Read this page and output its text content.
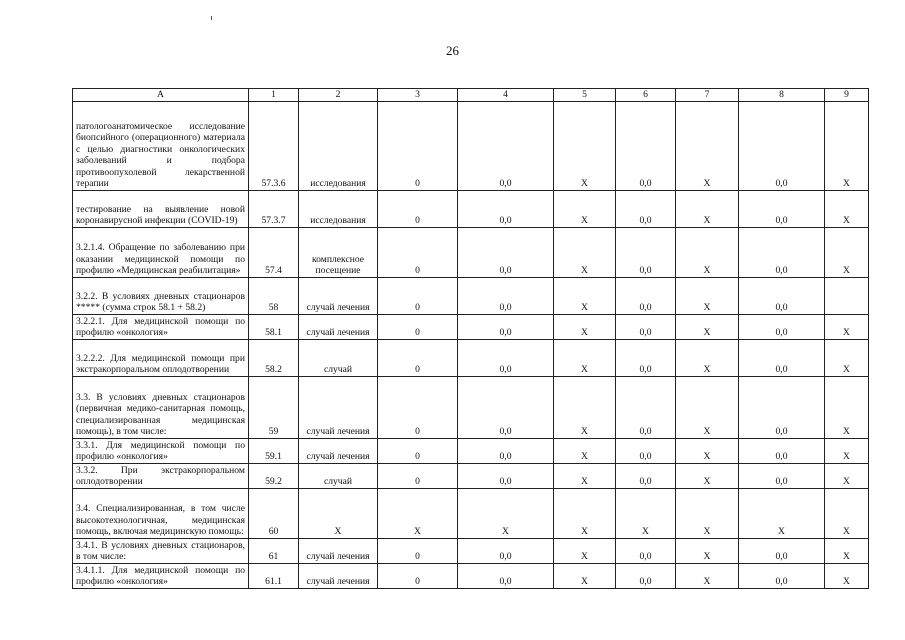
26
А	1	2	3	4	5	6	7	8	9
патологоанатомическое исследование биопсийного (операционного) материала с целью диагностики онкологических заболеваний и подбора противоопухолевой лекарственной терапии	57.3.6	исследования	0	0,0	X	0,0	X	0,0	X
тестирование на выявление новой коронавирусной инфекции (COVID-19)	57.3.7	исследования	0	0,0	X	0,0	X	0,0	X
3.2.1.4. Обращение по заболеванию при оказании медицинской помощи по профилю «Медицинская реабилитация»	57.4	комплексное посещение	0	0,0	X	0,0	X	0,0	X
3.2.2. В условиях дневных стационаров ***** (сумма строк 58.1 + 58.2)	58	случай лечения	0	0,0	X	0,0	X	0,0	
3.2.2.1. Для медицинской помощи по профилю «онкология»	58.1	случай лечения	0	0,0	X	0,0	X	0,0	X
3.2.2.2. Для медицинской помощи при экстракорпоральном оплодотворении	58.2	случай	0	0,0	X	0,0	X	0,0	X
3.3. В условиях дневных стационаров (первичная медико-санитарная помощь, специализированная медицинская помощь), в том числе:	59	случай лечения	0	0,0	X	0,0	X	0,0	X
3.3.1. Для медицинской помощи по профилю «онкология»	59.1	случай лечения	0	0,0	X	0,0	X	0,0	X
3.3.2. При экстракорпоральном оплодотворении	59.2	случай	0	0,0	X	0,0	X	0,0	X
3.4. Специализированная, в том числе высокотехнологичная, медицинская помощь, включая медицинскую помощь:	60	X	X	X	X	X	X	X	X
3.4.1. В условиях дневных стационаров, в том числе:	61	случай лечения	0	0,0	X	0,0	X	0,0	X
3.4.1.1. Для медицинской помощи по профилю «онкология»	61.1	случай лечения	0	0,0	X	0,0	X	0,0	X
